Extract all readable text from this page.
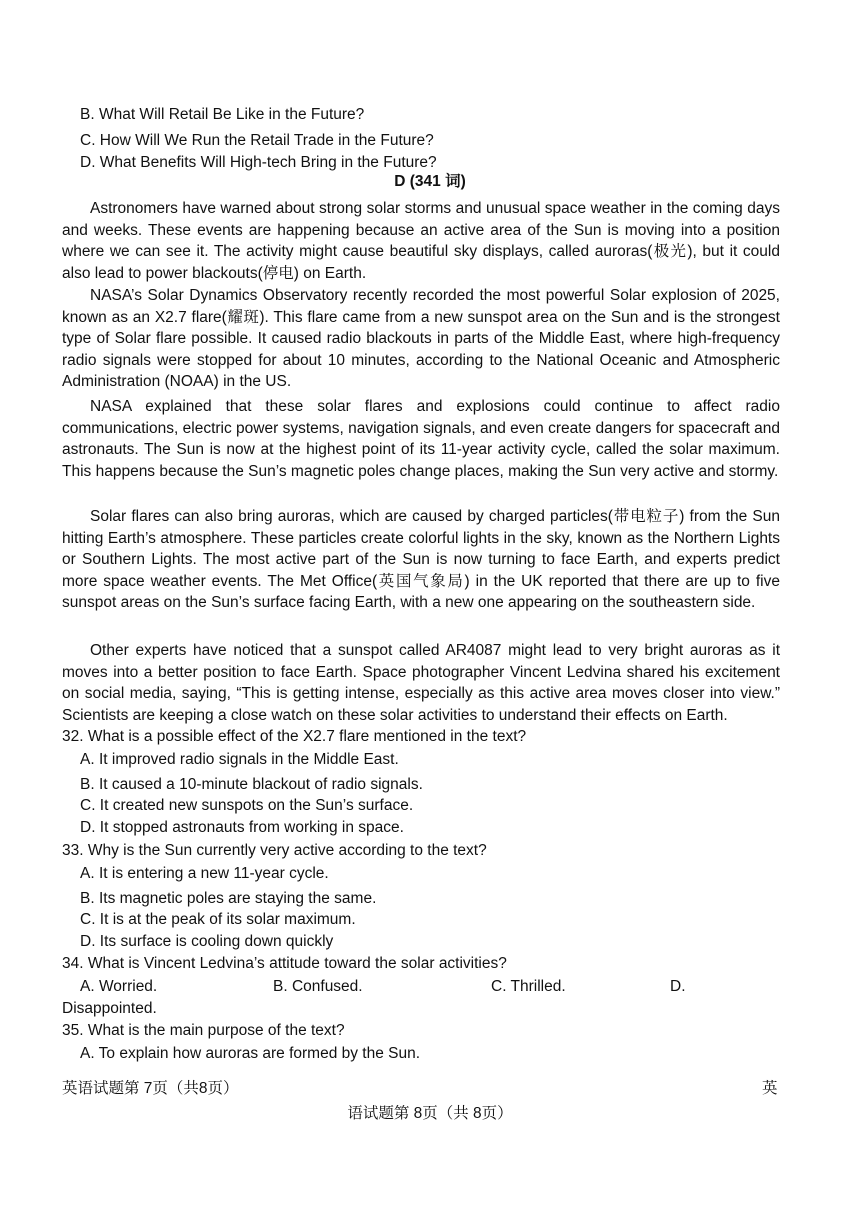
B. What Will Retail Be Like in the Future?
C. How Will We Run the Retail Trade in the Future?
D. What Benefits Will High-tech Bring in the Future?
D (341 词)
Astronomers have warned about strong solar storms and unusual space weather in the coming days and weeks. These events are happening because an active area of the Sun is moving into a position where we can see it. The activity might cause beautiful sky displays, called auroras(极光), but it could also lead to power blackouts(停电) on Earth.
NASA’s Solar Dynamics Observatory recently recorded the most powerful Solar explosion of 2025, known as an X2.7 flare(耀斑). This flare came from a new sunspot area on the Sun and is the strongest type of Solar flare possible. It caused radio blackouts in parts of the Middle East, where high-frequency radio signals were stopped for about 10 minutes, according to the National Oceanic and Atmospheric Administration (NOAA) in the US.
NASA explained that these solar flares and explosions could continue to affect radio communications, electric power systems, navigation signals, and even create dangers for spacecraft and astronauts. The Sun is now at the highest point of its 11-year activity cycle, called the solar maximum. This happens because the Sun’s magnetic poles change places, making the Sun very active and stormy.
Solar flares can also bring auroras, which are caused by charged particles(带电粒子) from the Sun hitting Earth’s atmosphere. These particles create colorful lights in the sky, known as the Northern Lights or Southern Lights. The most active part of the Sun is now turning to face Earth, and experts predict more space weather events. The Met Office(英国气象局) in the UK reported that there are up to five sunspot areas on the Sun’s surface facing Earth, with a new one appearing on the southeastern side.
Other experts have noticed that a sunspot called AR4087 might lead to very bright auroras as it moves into a better position to face Earth. Space photographer Vincent Ledvina shared his excitement on social media, saying, “This is getting intense, especially as this active area moves closer into view.” Scientists are keeping a close watch on these solar activities to understand their effects on Earth.
32. What is a possible effect of the X2.7 flare mentioned in the text?
A. It improved radio signals in the Middle East.
B. It caused a 10-minute blackout of radio signals.
C. It created new sunspots on the Sun’s surface.
D. It stopped astronauts from working in space.
33. Why is the Sun currently very active according to the text?
A. It is entering a new 11-year cycle.
B. Its magnetic poles are staying the same.
C. It is at the peak of its solar maximum.
D. Its surface is cooling down quickly
34. What is Vincent Ledvina’s attitude toward the solar activities?
A. Worried.	B. Confused.	C. Thrilled.	D.
Disappointed.
35. What is the main purpose of the text?
A. To explain how auroras are formed by the Sun.
英语试题第 7页（共8页）	英
语试题第 8页（共 8页）
